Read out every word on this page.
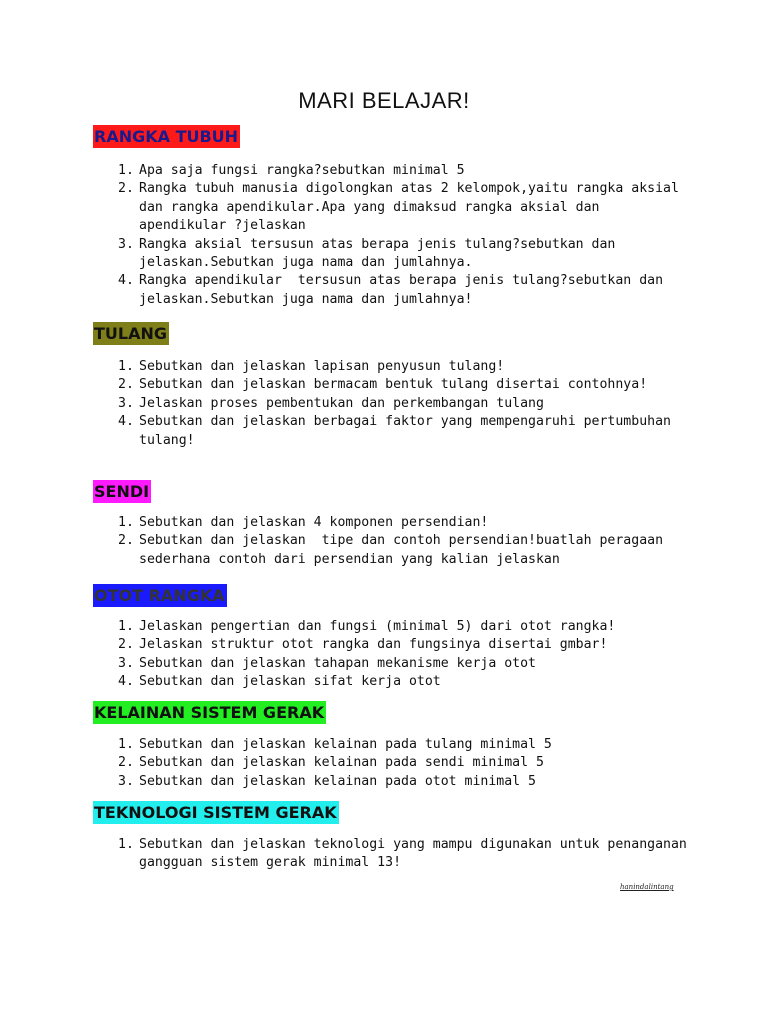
MARI BELAJAR!
RANGKA TUBUH
1. Apa saja fungsi rangka?sebutkan minimal 5
2. Rangka tubuh manusia digolongkan atas 2 kelompok,yaitu rangka aksial dan rangka apendikular.Apa yang dimaksud rangka aksial dan apendikular ?jelaskan
3. Rangka aksial tersusun atas berapa jenis tulang?sebutkan dan jelaskan.Sebutkan juga nama dan jumlahnya.
4. Rangka apendikular  tersusun atas berapa jenis tulang?sebutkan dan jelaskan.Sebutkan juga nama dan jumlahnya!
TULANG
1. Sebutkan dan jelaskan lapisan penyusun tulang!
2. Sebutkan dan jelaskan bermacam bentuk tulang disertai contohnya!
3. Jelaskan proses pembentukan dan perkembangan tulang
4. Sebutkan dan jelaskan berbagai faktor yang mempengaruhi pertumbuhan tulang!
SENDI
1. Sebutkan dan jelaskan 4 komponen persendian!
2. Sebutkan dan jelaskan  tipe dan contoh persendian!buatlah peragaan sederhana contoh dari persendian yang kalian jelaskan
OTOT RANGKA
1. Jelaskan pengertian dan fungsi (minimal 5) dari otot rangka!
2. Jelaskan struktur otot rangka dan fungsinya disertai gmbar!
3. Sebutkan dan jelaskan tahapan mekanisme kerja otot
4. Sebutkan dan jelaskan sifat kerja otot
KELAINAN SISTEM GERAK
1. Sebutkan dan jelaskan kelainan pada tulang minimal 5
2. Sebutkan dan jelaskan kelainan pada sendi minimal 5
3. Sebutkan dan jelaskan kelainan pada otot minimal 5
TEKNOLOGI SISTEM GERAK
1. Sebutkan dan jelaskan teknologi yang mampu digunakan untuk penanganan gangguan sistem gerak minimal 13!
hanindalintang
